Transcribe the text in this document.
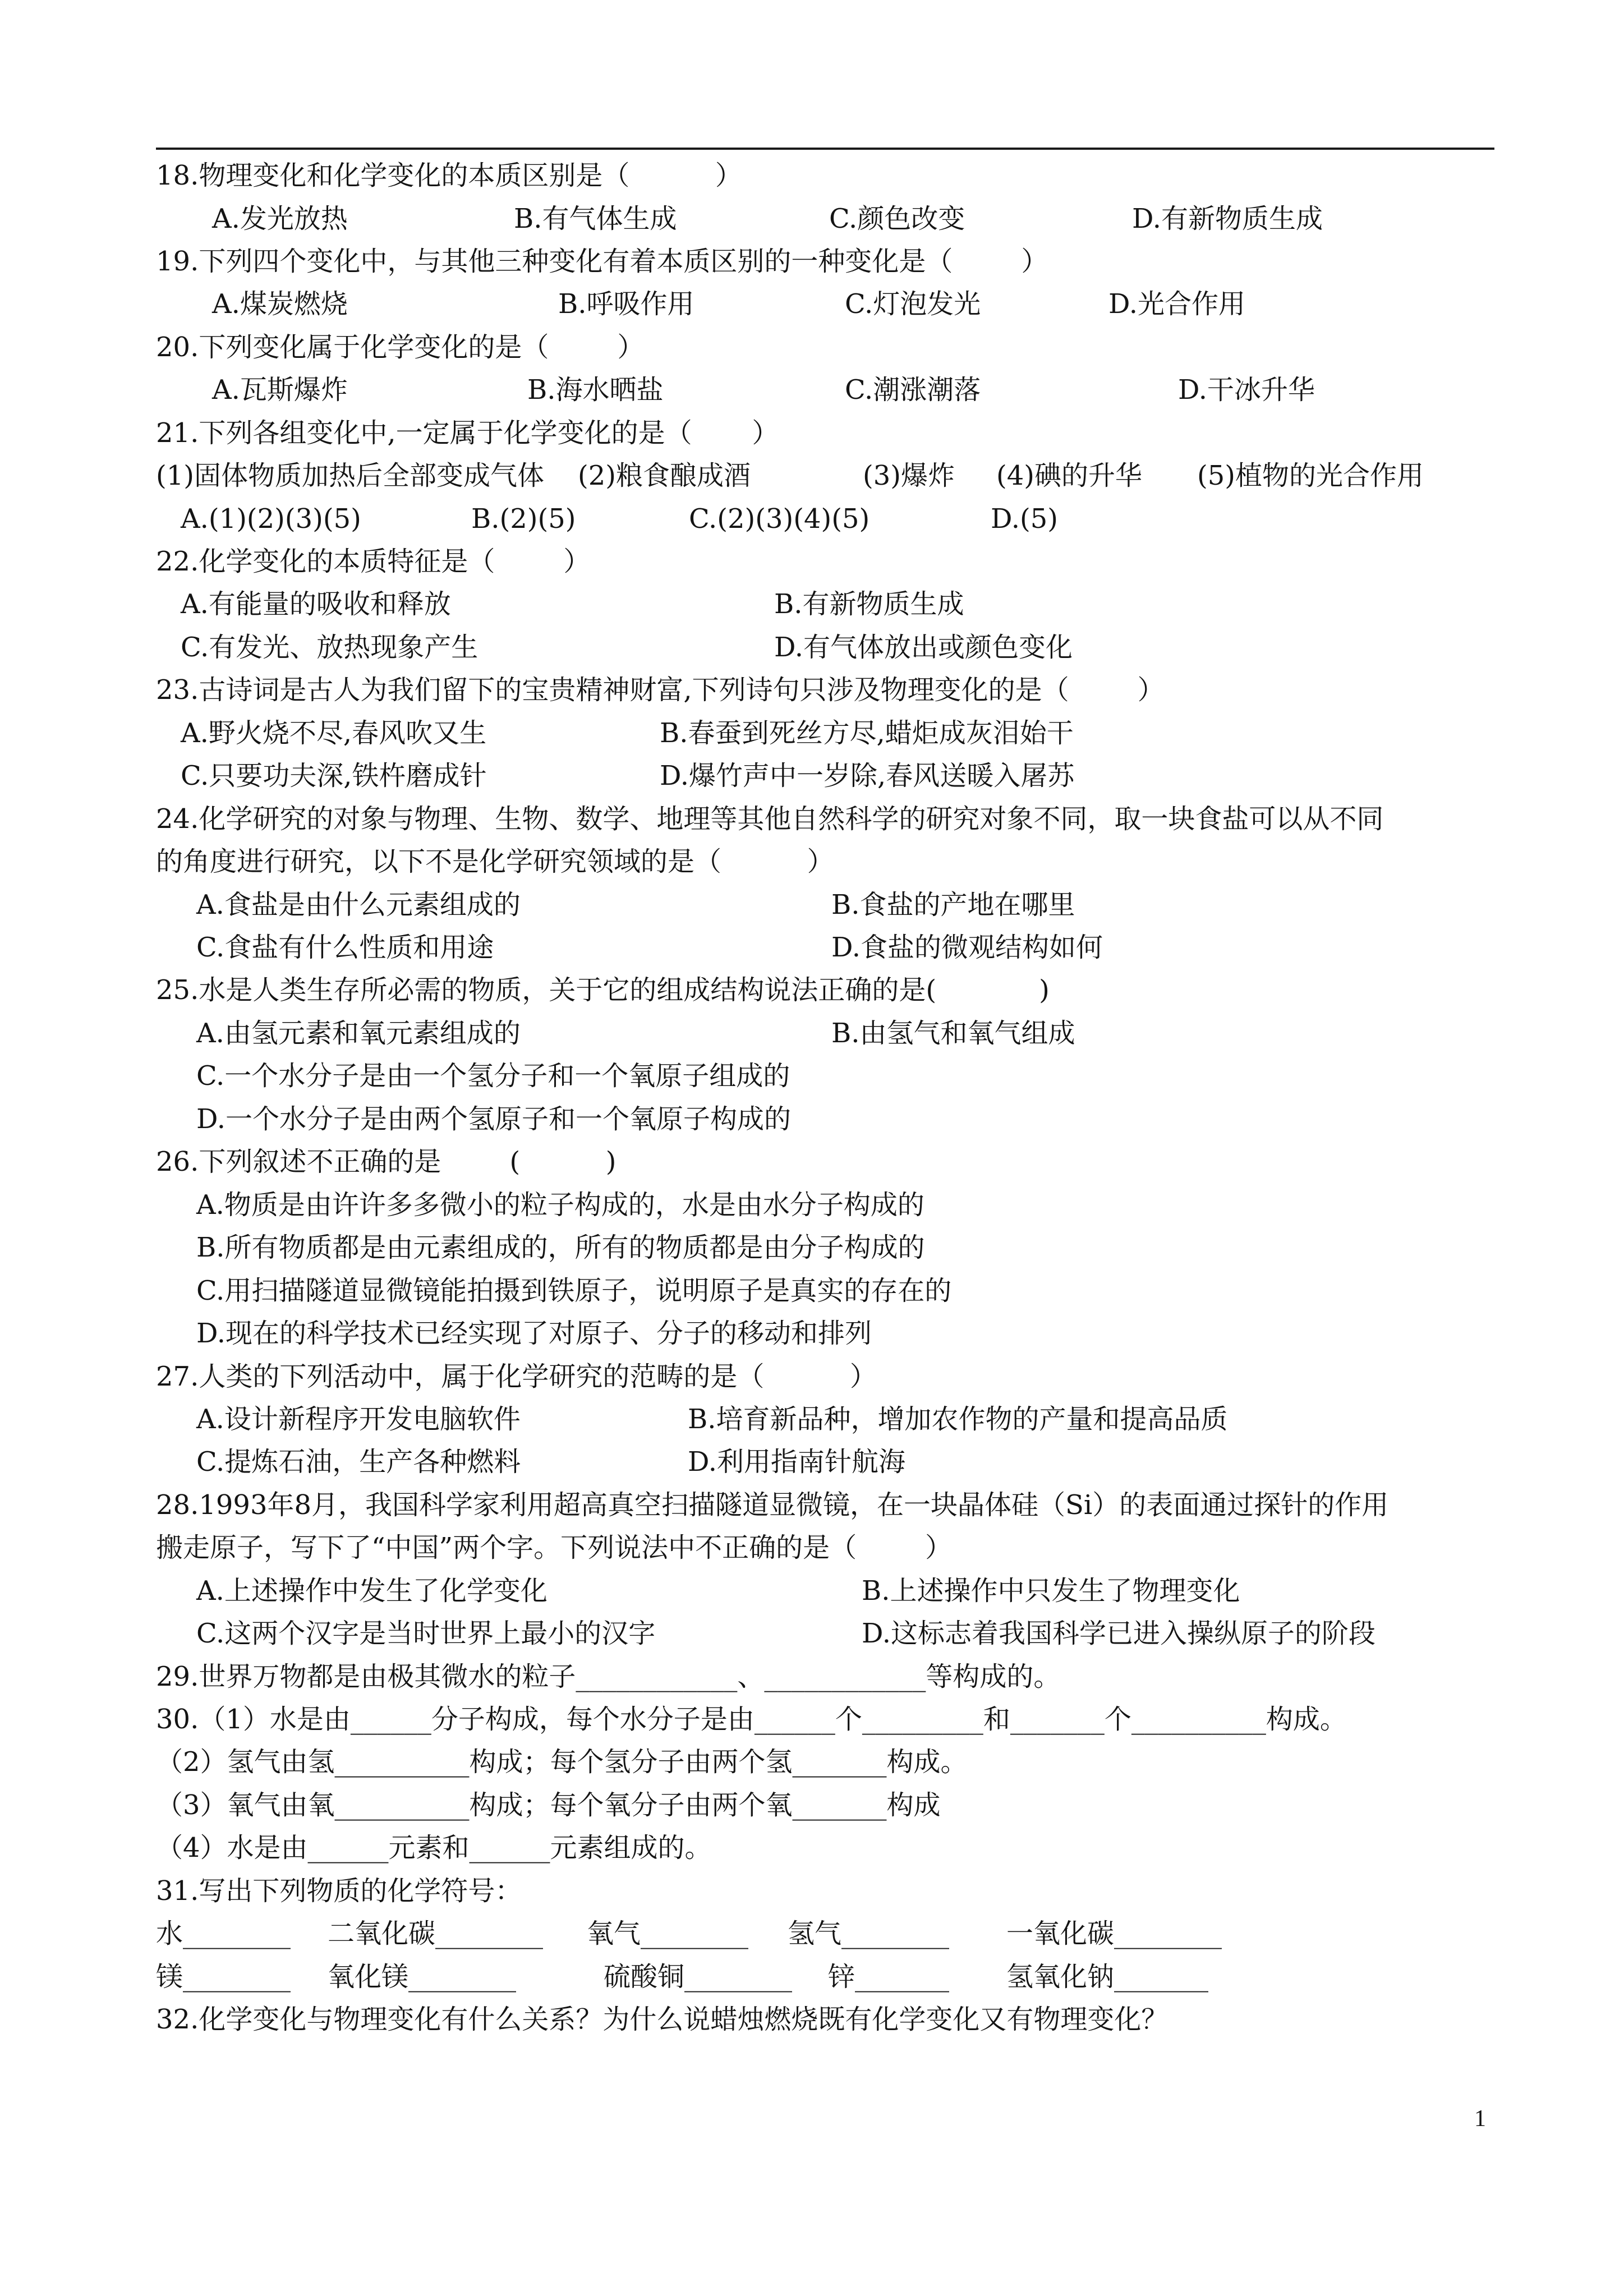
18.物理变化和化学变化的本质区别是（          ）
A.发光放热	B.有气体生成	C.颜色改变	D.有新物质生成
19.下列四个变化中，与其他三种变化有着本质区别的一种变化是（        ）
A.煤炭燃烧	B.呼吸作用	C.灯泡发光	D.光合作用
20.下列变化属于化学变化的是（        ）
A.瓦斯爆炸	B.海水晒盐	C.潮涨潮落	D.干冰升华
21.下列各组变化中,一定属于化学变化的是（       ）
(1)固体物质加热后全部变成气体 (2)粮食酿成酒	(3)爆炸 (4)碘的升华 (5)植物的光合作用
A.(1)(2)(3)(5)	B.(2)(5)	C.(2)(3)(4)(5)	D.(5)
22.化学变化的本质特征是（        ）
A.有能量的吸收和释放	B.有新物质生成
C.有发光、放热现象产生	D.有气体放出或颜色变化
23.古诗词是古人为我们留下的宝贵精神财富,下列诗句只涉及物理变化的是（        ）
A.野火烧不尽,春风吹又生	B.春蚕到死丝方尽,蜡炬成灰泪始干
C.只要功夫深,铁杵磨成针	D.爆竹声中一岁除,春风送暖入屠苏
24.化学研究的对象与物理、生物、数学、地理等其他自然科学的研究对象不同，取一块食盐可以从不同
的角度进行研究，以下不是化学研究领域的是（          ）
A.食盐是由什么元素组成的	B.食盐的产地在哪里
C.食盐有什么性质和用途	D.食盐的微观结构如何
25.水是人类生存所必需的物质，关于它的组成结构说法正确的是(            )
A.由氢元素和氧元素组成的	B.由氢气和氧气组成
C.一个水分子是由一个氢分子和一个氧原子组成的
D.一个水分子是由两个氢原子和一个氧原子构成的
26.下列叙述不正确的是        (          )
A.物质是由许许多多微小的粒子构成的，水是由水分子构成的
B.所有物质都是由元素组成的，所有的物质都是由分子构成的
C.用扫描隧道显微镜能拍摄到铁原子，说明原子是真实的存在的
D.现在的科学技术已经实现了对原子、分子的移动和排列
27.人类的下列活动中，属于化学研究的范畴的是（          ）
A.设计新程序开发电脑软件	B.培育新品种，增加农作物的产量和提高品质
C.提炼石油，生产各种燃料	D.利用指南针航海
28.1993年8月，我国科学家利用超高真空扫描隧道显微镜，在一块晶体硅（Si）的表面通过探针的作用
搬走原子，写下了“中国”两个字。下列说法中不正确的是（        ）
A.上述操作中发生了化学变化	B.上述操作中只发生了物理变化
C.这两个汉字是当时世界上最小的汉字	D.这标志着我国科学已进入操纵原子的阶段
29.世界万物都是由极其微水的粒子____________、____________等构成的。
30.（1）水是由______分子构成，每个水分子是由______个_________和_______个__________构成。
（2）氢气由氢__________构成；每个氢分子由两个氢_______构成。
（3）氧气由氧__________构成；每个氧分子由两个氧_______构成
（4）水是由______元素和______元素组成的。
31.写出下列物质的化学符号：
水________ 二氧化碳________ 氧气________ 氢气________ 一氧化碳________
镁________ 氧化镁________	硫酸铜________ 锌_______ 氢氧化钠_______
32.化学变化与物理变化有什么关系？为什么说蜡烛燃烧既有化学变化又有物理变化？
1
